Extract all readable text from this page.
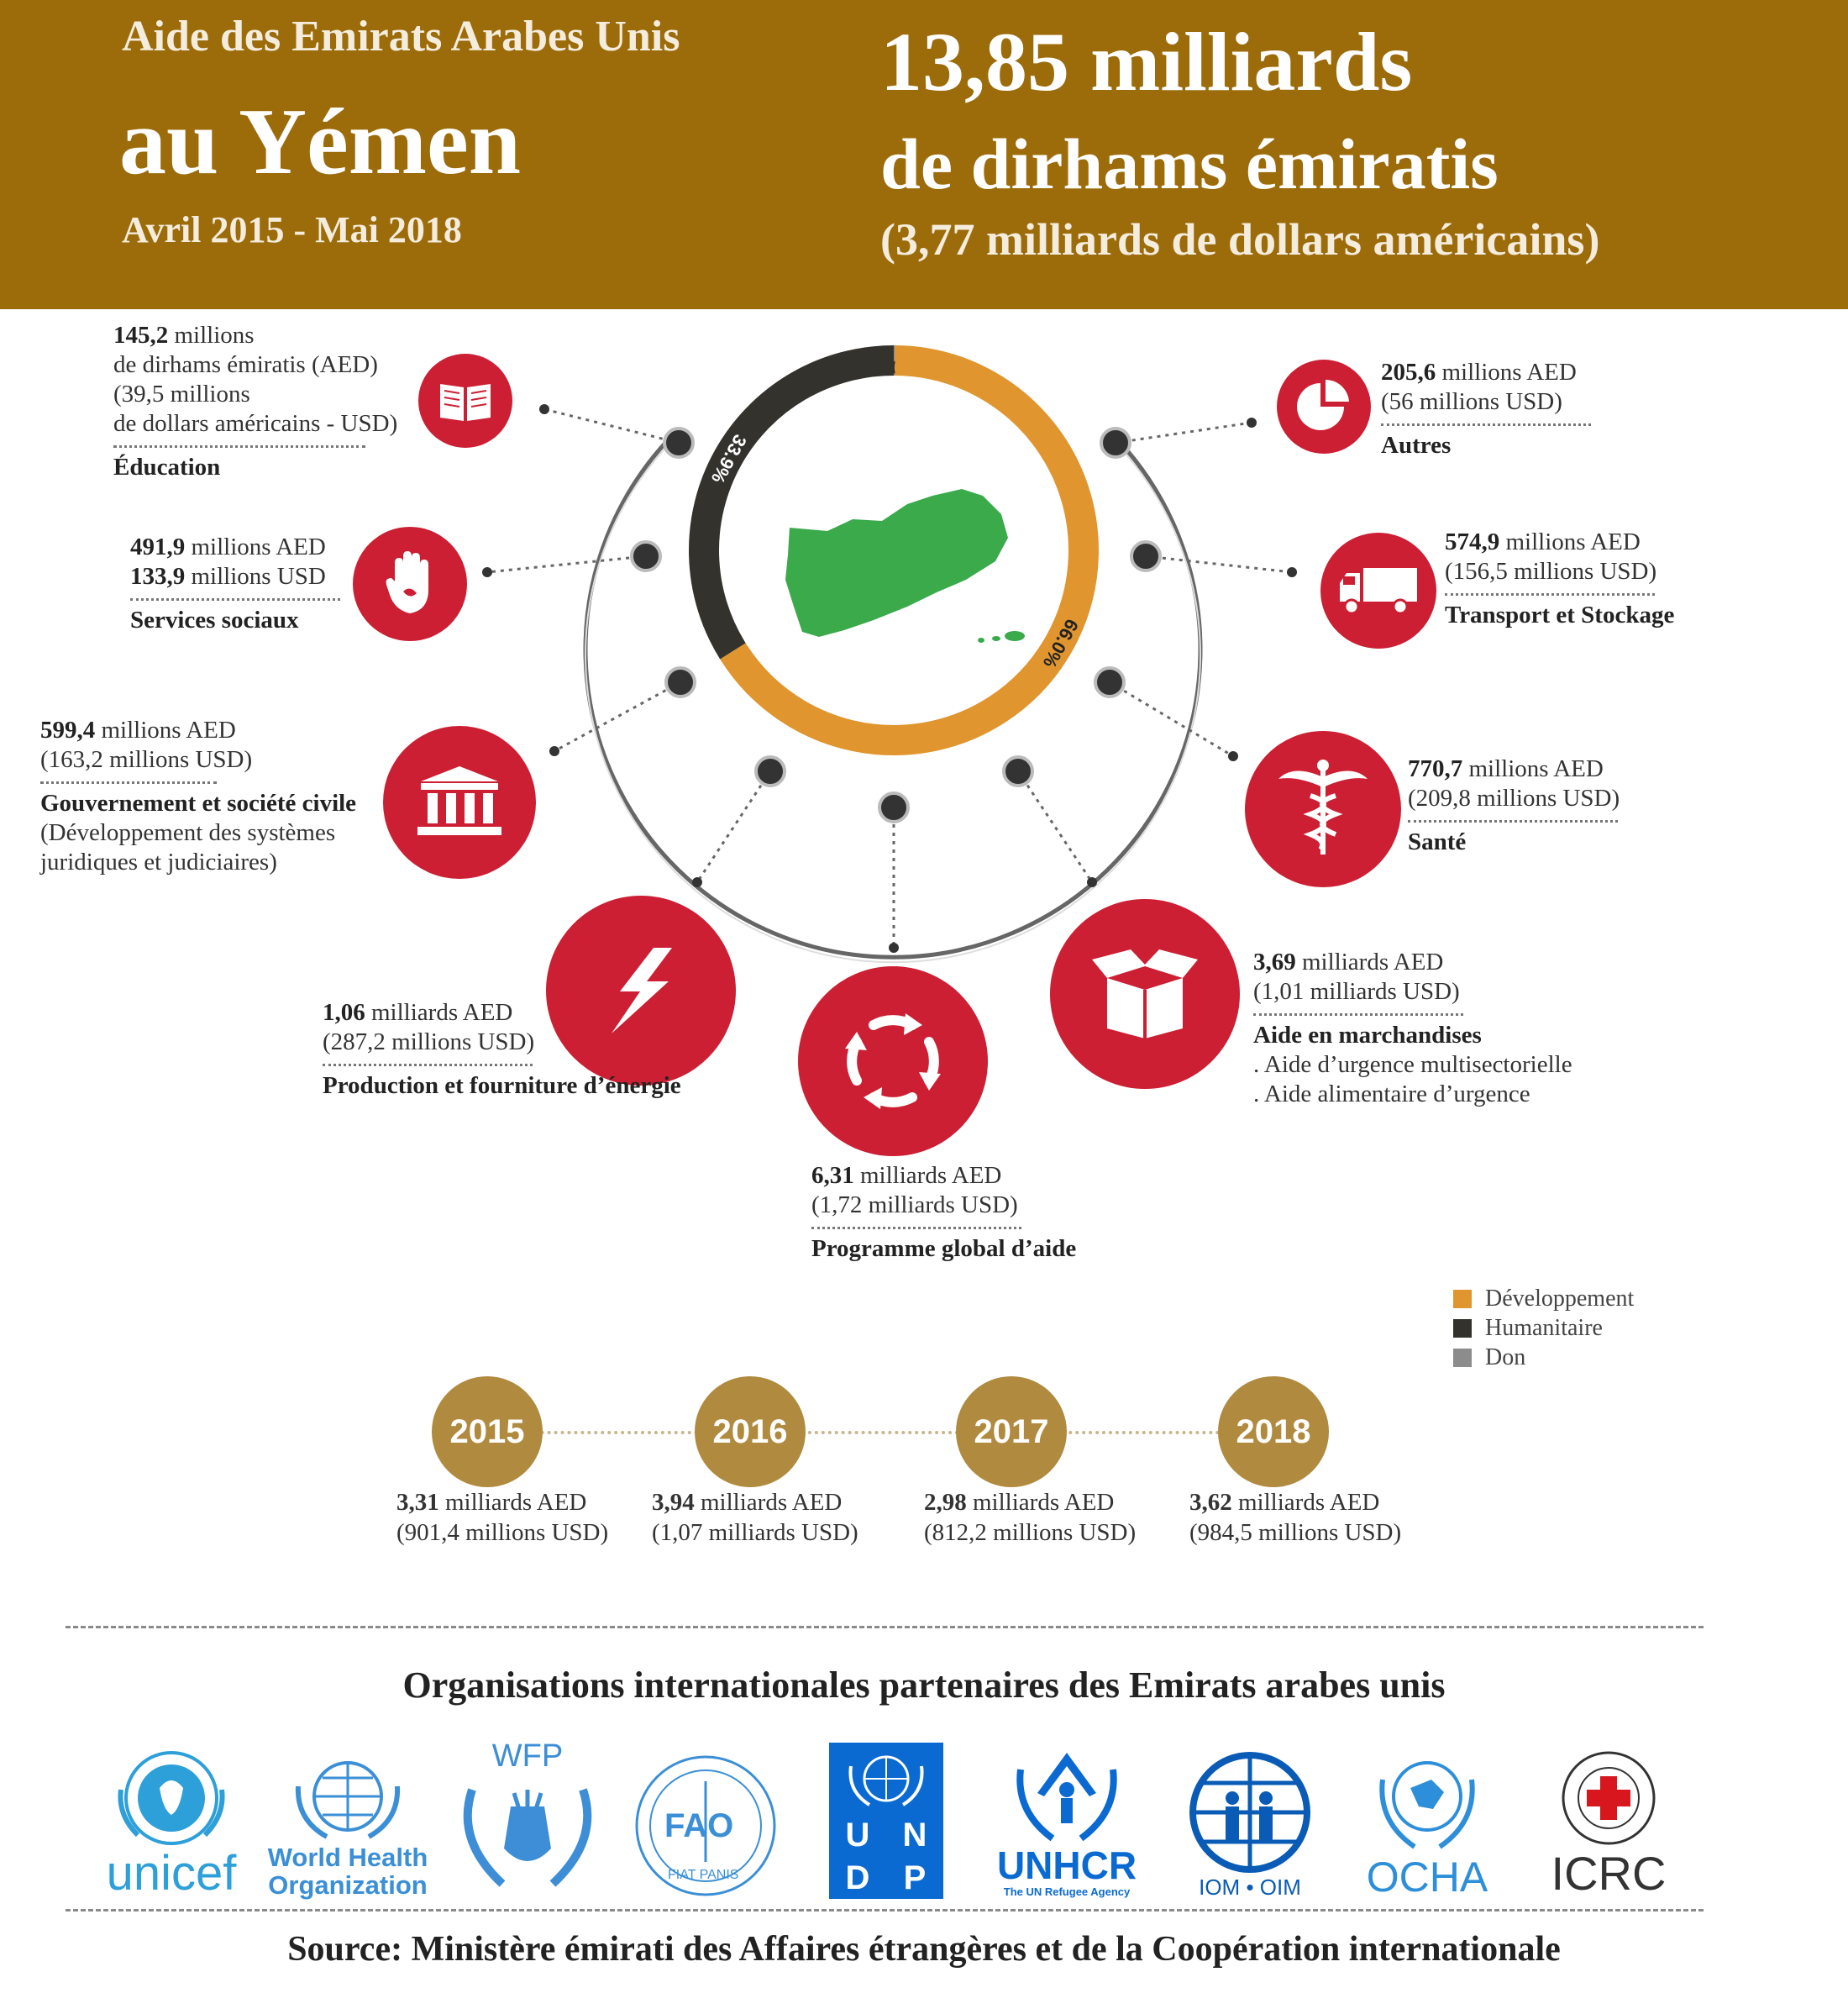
Aide des Emirats Arabes Unis
au Yémen
Avril 2015 - Mai 2018
13,85 milliards
de dirhams émiratis
(3,77 milliards de dollars américains)
0.1%
66.0%
33.9%
145,2 millions
de dirhams émiratis (AED)
(39,5 millions
de dollars américains - USD)
Éducation
491,9 millions AED
133,9 millions USD
Services sociaux
599,4 millions AED
(163,2 millions USD)
Gouvernement et société civile
(Développement des systèmes
juridiques et judiciaires)
1,06 milliards AED
(287,2 millions USD)
Production et fourniture d’énergie
6,31 milliards AED
(1,72 milliards USD)
Programme global d’aide
3,69 milliards AED
(1,01 milliards USD)
Aide en marchandises
. Aide d’urgence multisectorielle
. Aide alimentaire d’urgence
770,7 millions AED
(209,8 millions USD)
Santé
574,9 millions AED
(156,5 millions USD)
Transport et Stockage
205,6 millions AED
(56 millions USD)
Autres
Développement
Humanitaire
Don
2015	2016	2017	2018
3,31 milliards AED
(901,4 millions USD)
3,94 milliards AED
(1,07 milliards USD)
2,98 milliards AED
(812,2 millions USD)
3,62 milliards AED
(984,5 millions USD)
Organisations internationales partenaires des Emirats arabes unis
unicef World Health
Organization
WFP
FAO
FIAT PANIS
U N
D	P	UNHCR
The UN Refugee Agency	IOM • OIM OCHA ICRC
Source: Ministère émirati des Affaires étrangères et de la Coopération internationale
